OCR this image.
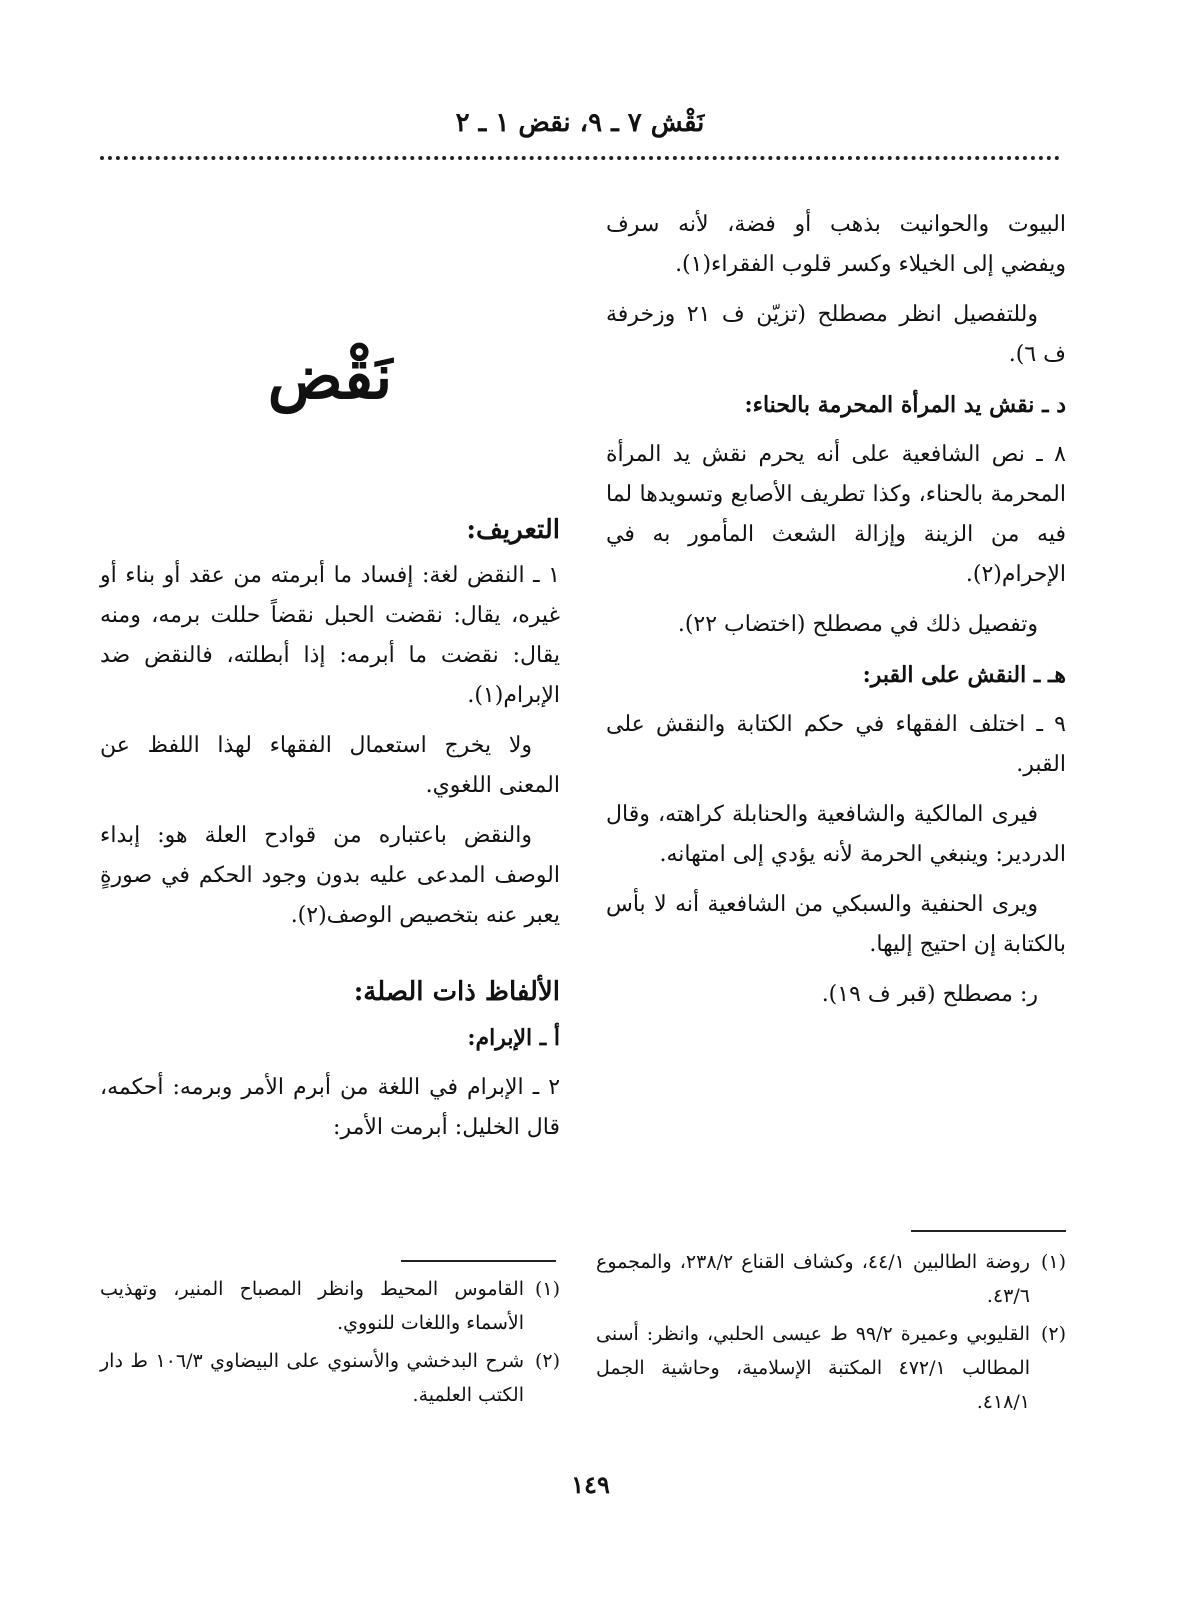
نَقْش ٧ ـ ٩، نقض ١ ـ ٢

البيوت والحوانيت بذهب أو فضة، لأنه سرف ويفضي إلى الخيلاء وكسر قلوب الفقراء(١).

وللتفصيل انظر مصطلح (تزيّن ف ٢١ وزخرفة ف ٦).

د ـ نقش يد المرأة المحرمة بالحناء:

٨ ـ نص الشافعية على أنه يحرم نقش يد المرأة المحرمة بالحناء، وكذا تطريف الأصابع وتسويدها لما فيه من الزينة وإزالة الشعث المأمور به في الإحرام(٢).

وتفصيل ذلك في مصطلح (اختضاب ٢٢).

هـ ـ النقش على القبر:

٩ ـ اختلف الفقهاء في حكم الكتابة والنقش على القبر.

فيرى المالكية والشافعية والحنابلة كراهته، وقال الدردير: وينبغي الحرمة لأنه يؤدي إلى امتهانه.

ويرى الحنفية والسبكي من الشافعية أنه لا بأس بالكتابة إن احتيج إليها.

ر: مصطلح (قبر ف ١٩).

نَقْض
التعريف:

١ ـ النقض لغة: إفساد ما أبرمته من عقد أو بناء أو غيره، يقال: نقضت الحبل نقضاً حللت برمه، ومنه يقال: نقضت ما أبرمه: إذا أبطلته، فالنقض ضد الإبرام(١).

ولا يخرج استعمال الفقهاء لهذا اللفظ عن المعنى اللغوي.

والنقض باعتباره من قوادح العلة هو: إبداء الوصف المدعى عليه بدون وجود الحكم في صورةٍ يعبر عنه بتخصيص الوصف(٢).

الألفاظ ذات الصلة:
أ ـ الإبرام:

٢ ـ الإبرام في اللغة من أبرم الأمر وبرمه: أحكمه، قال الخليل: أبرمت الأمر:

(١)روضة الطالبين ٤٤/١، وكشاف القناع ٢٣٨/٢، والمجموع ٤٣/٦.
(٢)القليوبي وعميرة ٩٩/٢ ط عيسى الحلبي، وانظر: أسنى المطالب ٤٧٢/١ المكتبة الإسلامية، وحاشية الجمل ٤١٨/١.
(١)القاموس المحيط وانظر المصباح المنير، وتهذيب الأسماء واللغات للنووي.
(٢)شرح البدخشي والأسنوي على البيضاوي ١٠٦/٣ ط دار الكتب العلمية.
١٤٩
